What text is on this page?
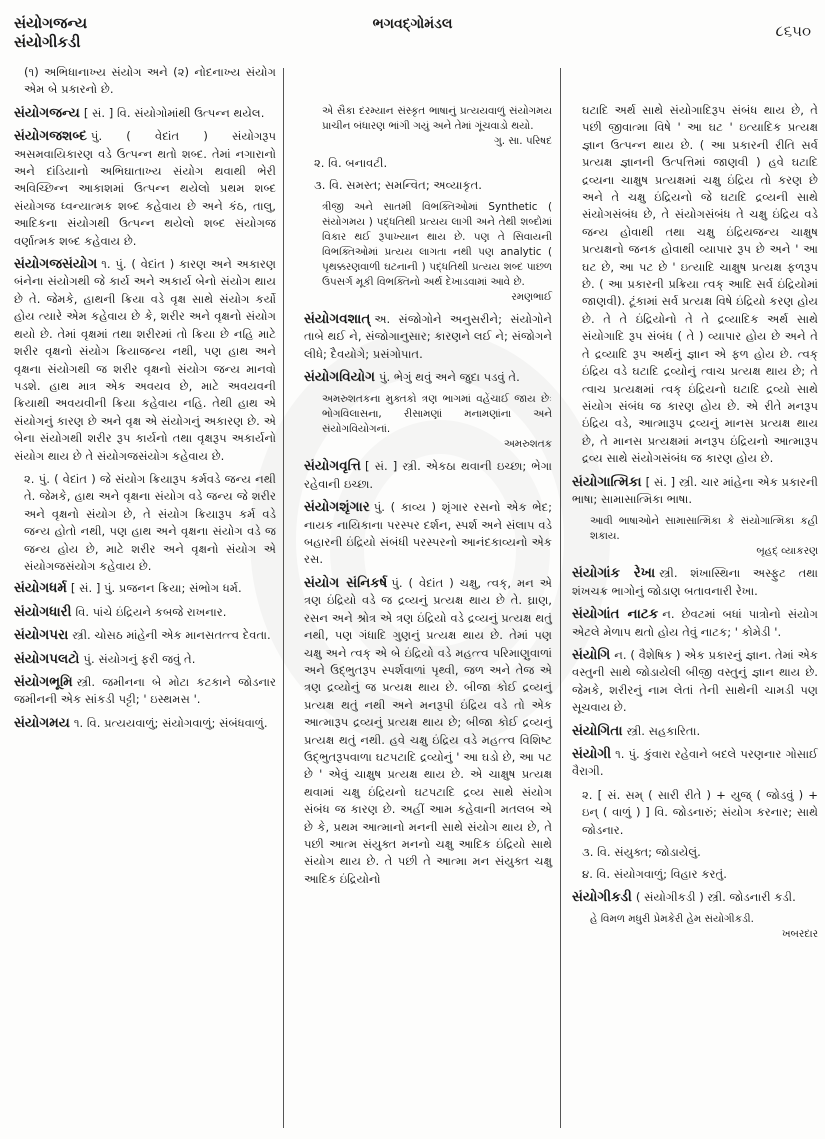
સંયોગજન્ય
સંયોગીકડી
ભગવદ્ગોમંડલ	૮૬૫૦
(૧) અભિધાનાખ્ય સંયોગ અને (૨) નોદનાખ્ય સંયોગ એમ બે પ્રકારનો છે.
સંયોગજન્ય [ સં. ] વિ. સંયોગોમાંથી ઉત્પન્ન થયેલ.
સંયોગજશબ્દ પું. ( વેદાંત ) સંયોગરૂપ અસમવાયિકારણ વડે ઉત્પન્ન થતો શબ્દ. તેમાં નગારાનો અને દાંડિયાનો અભિઘાતાખ્ય સંયોગ થવાથી ભેરી અવિચ્છિન્ન આકાશમાં ઉત્પન્ન થયેલો પ્રથમ શબ્દ સંયોગજ ધ્વન્યાત્મક શબ્દ કહેવાય છે અને કંઠ, તાલુ, આદિકના સંયોગથી ઉત્પન્ન થયેલો શબ્દ સંયોગજ વર્ણાત્મક શબ્દ કહેવાય છે.
સંયોગજસંયોગ ૧. પું. ( વેદાંત ) કારણ અને અકારણ બંનેના સંયોગથી જે કાર્ય અને અકાર્ય બેનો સંયોગ થાય છે તે. જેમકે, હાથની ક્રિયા વડે વૃક્ષ સાથે સંયોગ કર્યો હોય ત્યારે એમ કહેવાય છે કે, શરીર અને વૃક્ષનો સંયોગ થયો છે. તેમાં વૃક્ષમાં તથા શરીરમાં તો ક્રિયા છે નહિ માટે શરીર વૃક્ષનો સંયોગ ક્રિયાજન્ય નથી, પણ હાથ અને વૃક્ષના સંયોગથી જ શરીર વૃક્ષનો સંયોગ જન્ય માનવો પડશે. હાથ માત્ર એક અવયવ છે, માટે અવયવની ક્રિયાથી અવયવીની ક્રિયા કહેવાય નહિ. તેથી હાથ એ સંયોગનું કારણ છે અને વૃક્ષ એ સંયોગનું અકારણ છે. એ બેના સંયોગથી શરીર રૂપ કાર્યનો તથા વૃક્ષરૂપ અકાર્યનો સંયોગ થાય છે તે સંયોગજસંયોગ કહેવાય છે.
૨. પું. ( વેદાંત ) જે સંયોગ ક્રિયારૂપ કર્મવડે જન્ય નથી તે. જેમકે, હાથ અને વૃક્ષના સંયોગ વડે જન્ય જે શરીર અને વૃક્ષનો સંયોગ છે, તે સંયોગ ક્રિયારૂપ કર્મ વડે જન્ય હોતો નથી, પણ હાથ અને વૃક્ષના સંયોગ વડે જ જન્ય હોય છે, માટે શરીર અને વૃક્ષનો સંયોગ એ સંયોગજસંયોગ કહેવાય છે.
સંયોગધર્મ [ સં. ] પું. પ્રજનન ક્રિયા; સંભોગ ધર્મ.
સંયોગધારી વિ. પાંચે ઇંદ્રિયને કબજે રાખનાર.
સંયોગપરા સ્ત્રી. ચોસઠ માંહેની એક માનસતત્ત્વ દેવતા.
સંયોગપલટો પું. સંયોગનું ફરી જવું તે.
સંયોગભૂમિ સ્ત્રી. જમીનના બે મોટા કટકાને જોડનાર જમીનની એક સાંકડી પટ્ટી; ' ઇસ્થમસ '.
સંયોગમય ૧. વિ. પ્રત્યયવાળું; સંયોગવાળું; સંબંધવાળું.
એ સૈકા દરમ્યાન સંસ્કૃત ભાષાનું પ્રત્યયવાળું સંયોગમય પ્રાચીન બંધારણ ભાંગી ગયું અને તેમાં ગૂંચવાડો થયો.
ગુ. સા. પરિષદ
૨. વિ. બનાવટી.
૩. વિ. સમસ્ત; સમન્વિત; અવ્યાકૃત.
ત્રીજી અને સાતમી વિભક્તિઓમાં Synthetic ( સંયોગમય ) પદ્ધતિથી પ્રત્યય લાગી અને તેથી શબ્દોમાં વિકાર થઈ રૂપાખ્યાન થાય છે. પણ તે સિવાયની વિભક્તિઓમાં પ્રત્યય લાગતા નથી પણ analytic ( પૃથક્કરણવાળી ઘટનાની ) પદ્ધતિથી પ્રત્યય શબ્દ પાછળ ઉપસર્ગ મૂકી વિભક્તિનો અર્થ દેખાડવામાં આવે છે.
રમણભાઈ
સંયોગવશાત્ અ. સંજોગોને અનુસરીને; સંયોગોને તાબે થઈ ને, સંજોગાનુસાર; કારણને લઈ ને; સંજોગને લીધે; દૈવયોગે; પ્રસંગોપાત.
સંયોગવિયોગ પું. ભેગું થવું અને જુદા પડવું તે.
અમરુશતકના મુક્તકો ત્રણ ભાગમાં વહેંચાઈ જાય છેઃ ભોગવિલાસના, રીસામણાં મનામણાંના અને સંયોગવિયોગનાં.
અમરુશતક
સંયોગવૃત્તિ [ સં. ] સ્ત્રી. એકઠા થવાની ઇચ્છા; ભેગા રહેવાની ઇચ્છા.
સંયોગશૃંગાર પું. ( કાવ્ય ) શૃંગાર રસનો એક ભેદ; નાયક નાયિકાના પરસ્પર દર્શન, સ્પર્શ અને સંલાપ વડે બહારની ઇંદ્રિયો સંબંધી પરસ્પરનો આનંદકાવ્યનો એક રસ.
સંયોગ સંનિકર્ષ પું. ( વેદાંત ) ચક્ષુ, ત્વક્, મન એ ત્રણ ઇંદ્રિયો વડે જ દ્રવ્યનું પ્રત્યક્ષ થાય છે તે. ઘ્રાણ, રસન અને શ્રોત્ર એ ત્રણ ઇંદ્રિયો વડે દ્રવ્યનું પ્રત્યક્ષ થતું નથી, પણ ગંધાદિ ગુણનું પ્રત્યક્ષ થાય છે. તેમાં પણ ચક્ષુ અને ત્વક્ એ બે ઇંદ્રિયો વડે મહત્ત્વ પરિમાણુવાળાં અને ઉદ્ભુતરૂપ સ્પર્શવાળાં પૃથ્વી, જળ અને તેજ એ ત્રણ દ્રવ્યોનું જ પ્રત્યક્ષ થાય છે. બીજા કોઈ દ્રવ્યનું પ્રત્યક્ષ થતું નથી અને મનરૂપી ઇંદ્રિય વડે તો એક આત્મારૂપ દ્રવ્યનું પ્રત્યક્ષ થાય છે; બીજા કોઈ દ્રવ્યનું પ્રત્યક્ષ થતું નથી. હવે ચક્ષુ ઇંદ્રિય વડે મહત્ત્વ વિશિષ્ટ ઉદ્ભુતરૂપવાળા ઘટપટાદિ દ્રવ્યોનું ' આ ઘડો છે, આ પટ છે ' એવું ચાક્ષુષ પ્રત્યક્ષ થાય છે. એ ચાક્ષુષ પ્રત્યક્ષ થવામાં ચક્ષુ ઇંદ્રિયનો ઘટપટાદિ દ્રવ્ય સાથે સંયોગ સંબંધ જ કારણ છે. અહીં આમ કહેવાની મતલબ એ છે કે, પ્રથમ આત્માનો મનની સાથે સંયોગ થાય છે, તે પછી આત્મ સંયુક્ત મનનો ચક્ષુ આદિક ઇંદ્રિયો સાથે સંયોગ થાય છે. તે પછી તે આત્મા મન સંયુક્ત ચક્ષુ આદિક ઇંદ્રિયોનો
ઘટાદિ અર્થ સાથે સંયોગાદિરૂપ સંબંધ થાય છે, તે પછી જીવાત્મા વિષે ' આ ઘટ ' ઇત્યાદિક પ્રત્યક્ષ જ્ઞાન ઉત્પન્ન થાય છે. ( આ પ્રકારની રીતિ સર્વ પ્રત્યક્ષ જ્ઞાનની ઉત્પત્તિમાં જાણવી ) હવે ઘટાદિ દ્રવ્યના ચાક્ષુષ પ્રત્યક્ષમાં ચક્ષુ ઇંદ્રિય તો કરણ છે અને તે ચક્ષુ ઇંદ્રિયનો જે ઘટાદિ દ્રવ્યની સાથે સંયોગસંબંધ છે, તે સંયોગસંબંધ તે ચક્ષુ ઇંદ્રિય વડે જન્ય હોવાથી તથા ચક્ષુ ઇંદ્રિયજન્ય ચાક્ષુષ પ્રત્યક્ષનો જનક હોવાથી વ્યાપાર રૂપ છે અને ' આ ઘટ છે, આ પટ છે ' ઇત્યાદિ ચાક્ષુષ પ્રત્યક્ષ ફળરૂપ છે. ( આ પ્રકારની પ્રક્રિયા ત્વક્ આદિ સર્વ ઇંદ્રિયોમાં જાણવી). ટૂંકામાં સર્વ પ્રત્યક્ષ વિષે ઇંદ્રિયો કરણ હોય છે. તે તે ઇંદ્રિયોનો તે તે દ્રવ્યાદિક અર્થ સાથે સંયોગાદિ રૂપ સંબંધ ( તે ) વ્યાપાર હોય છે અને તે તે દ્રવ્યાદિ રૂપ અર્થનું જ્ઞાન એ ફળ હોય છે. ત્વક્ ઇંદ્રિય વડે ઘટાદિ દ્રવ્યોનું ત્વાચ પ્રત્યક્ષ થાય છે; તે ત્વાચ પ્રત્યક્ષમાં ત્વક્ ઇંદ્રિયનો ઘટાદિ દ્રવ્યો સાથે સંયોગ સંબંધ જ કારણ હોય છે. એ રીતે મનરૂપ ઇંદ્રિય વડે, આત્મારૂપ દ્રવ્યનું માનસ પ્રત્યક્ષ થાય છે, તે માનસ પ્રત્યક્ષમાં મનરૂપ ઇંદ્રિયનો આત્મારૂપ દ્રવ્ય સાથે સંયોગસંબંધ જ કારણ હોય છે.
સંયોગાત્મિકા [ સં. ] સ્ત્રી. ચાર માંહેના એક પ્રકારની ભાષા; સામાસાત્મિકા ભાષા.
આવી ભાષાઓને સામાસાત્મિકા કે સંયોગાત્મિકા કહી શકાય.
બૃહદ્ વ્યાકરણ
સંયોગાંક રેખા સ્ત્રી. શંખાસ્થિના અસ્ફુટ તથા શંખચક્ર ભાગોનું જોડાણ બતાવનારી રેખા.
સંયોગાંત નાટક ન. છેવટમાં બધાં પાત્રોનો સંયોગ એટલે મેળાપ થતો હોય તેવું નાટક; ' કોમેડી '.
સંયોગિ ન. ( વૈશેષિક ) એક પ્રકારનું જ્ઞાન. તેમાં એક વસ્તુની સાથે જોડાયેલી બીજી વસ્તુનું જ્ઞાન થાય છે. જેમકે, શરીરનું નામ લેતાં તેની સાથેની ચામડી પણ સૂચવાય છે.
સંયોગિતા સ્ત્રી. સહકારિતા.
સંયોગી ૧. પું. કુંવારા રહેવાને બદલે પરણનાર ગોસાઈ વૈરાગી.
૨. [ સં. સમ્ ( સારી રીતે ) + યુજ્ ( જોડવું ) + ઇન્ ( વાળું ) ] વિ. જોડનારું; સંયોગ કરનાર; સાથે જોડનાર.
૩. વિ. સંયુક્ત; જોડાયેલું.
૪. વિ. સંયોગવાળું; વિહાર કરતું.
સંયોગીકડી ( સંયોગીકડી ) સ્ત્રી. જોડનારી કડી.
હે વિમળ મધુરી પ્રેમકેરી હેમ સંયોગીકડી.
ખબરદાર
